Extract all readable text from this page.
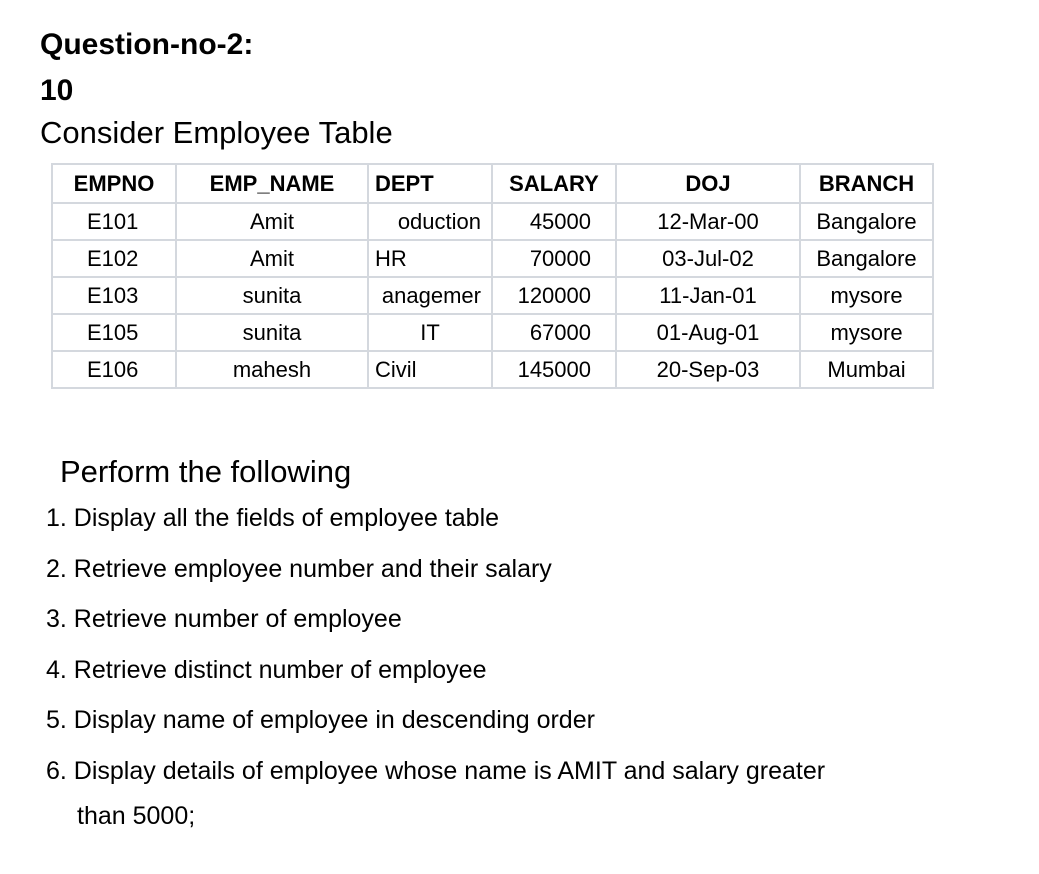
Question-no-2:
10
Consider Employee Table
EMPNO	EMP_NAME	DEPT	SALARY	DOJ	BRANCH
E101	Amit	oduction	45000	12-Mar-00	Bangalore
E102	Amit	HR	70000	03-Jul-02	Bangalore
E103	sunita	anagemer	120000	11-Jan-01	mysore
E105	sunita	IT	67000	01-Aug-01	mysore
E106	mahesh	Civil	145000	20-Sep-03	Mumbai
Perform the following
1. Display all the fields of employee table
2. Retrieve employee number and their salary
3. Retrieve number of employee
4. Retrieve distinct number of employee
5. Display name of employee in descending order
6. Display details of employee whose name is AMIT and salary greater
than 5000;
